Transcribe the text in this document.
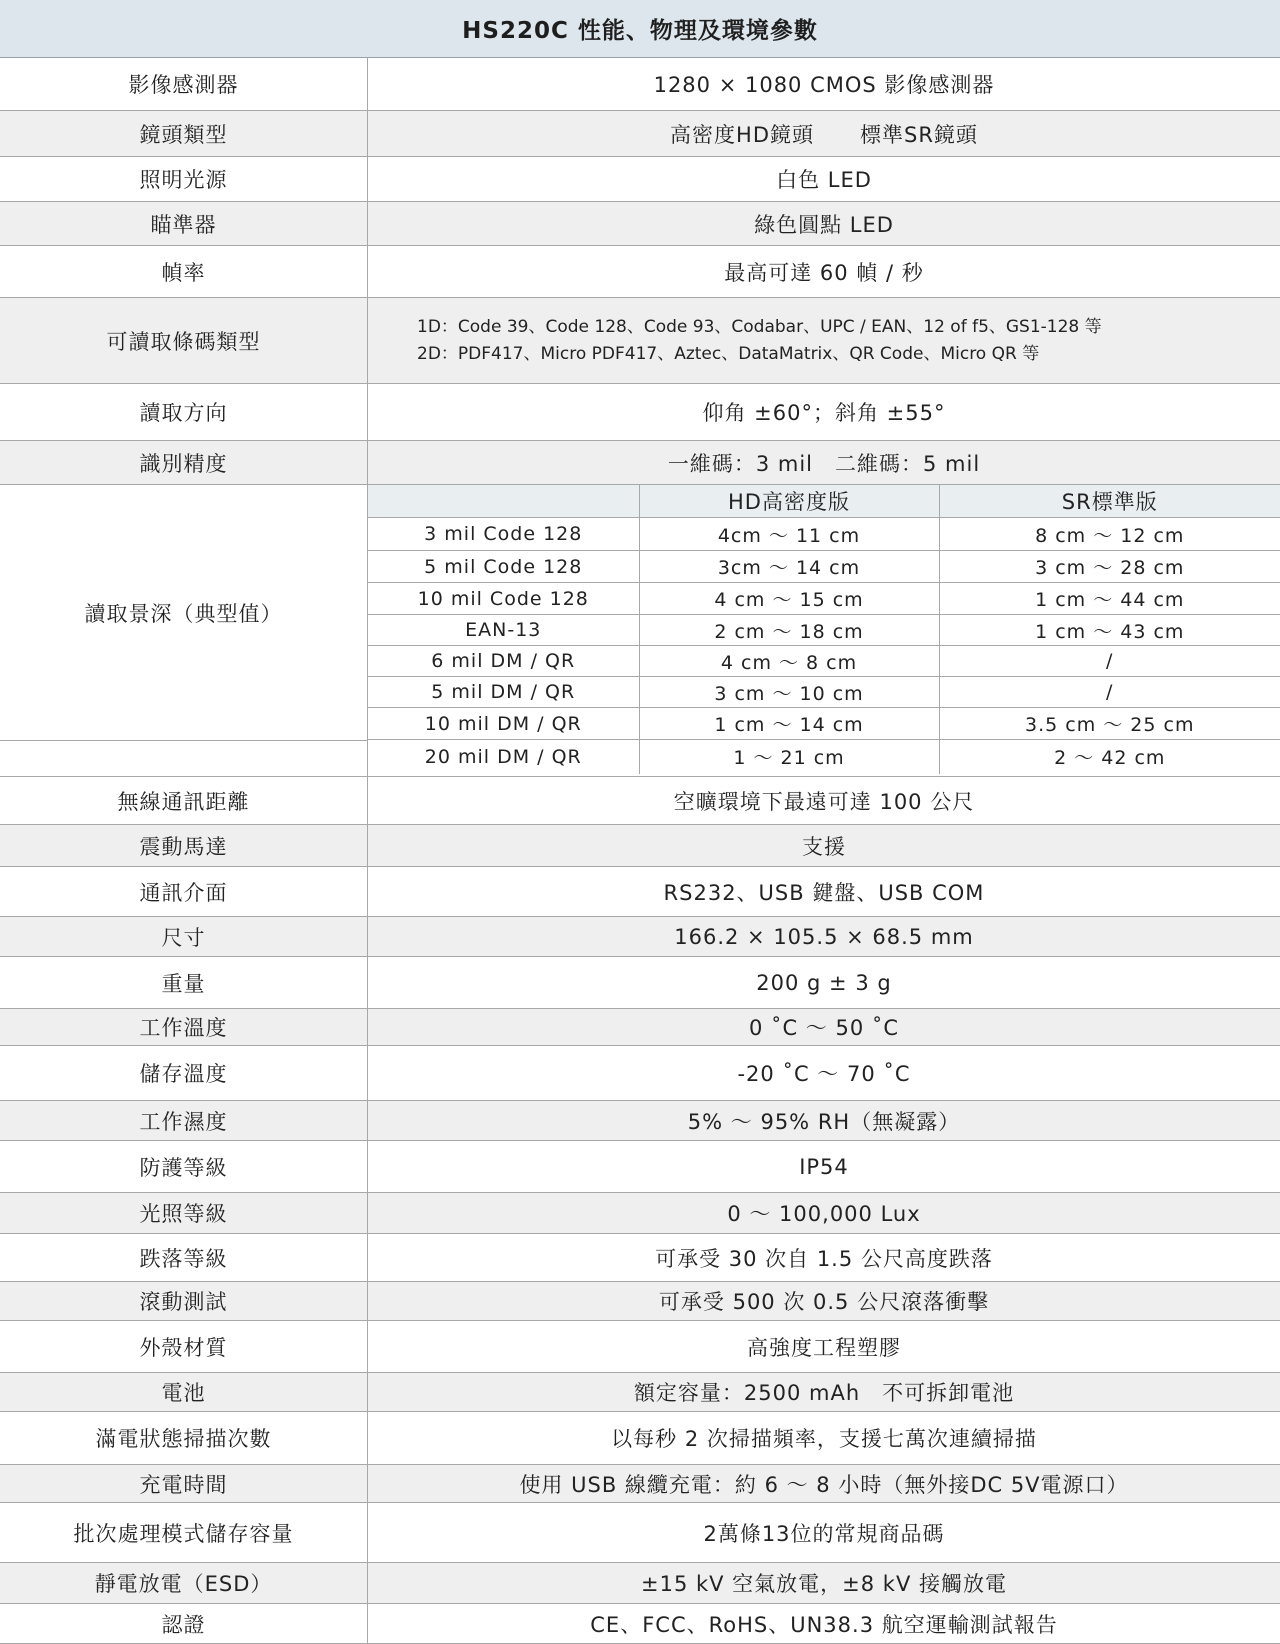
HS220C 性能、物理及環境參數
影像感測器	1280 × 1080 CMOS 影像感測器
鏡頭類型	高密度HD鏡頭 標準SR鏡頭
照明光源	白色 LED
瞄準器	綠色圓點 LED
幀率	最高可達 60 幀 / 秒
可讀取條碼類型
1D：Code 39、Code 128、Code 93、Codabar、UPC / EAN、12 of f5、GS1-128 等
2D：PDF417、Micro PDF417、Aztec、DataMatrix、QR Code、Micro QR 等
讀取方向	仰角 ±60°；斜角 ±55°
識別精度	一維碼：3 mil　二維碼：5 mil
讀取景深（典型值）
	HD高密度版	SR標準版
3 mil Code 128	4cm ～ 11 cm	8 cm ～ 12 cm
5 mil Code 128	3cm ～ 14 cm	3 cm ～ 28 cm
10 mil Code 128	4 cm ～ 15 cm	1 cm ～ 44 cm
EAN-13	2 cm ～ 18 cm	1 cm ～ 43 cm
6 mil DM / QR	4 cm ～ 8 cm	/
5 mil DM / QR	3 cm ～ 10 cm	/
10 mil DM / QR	1 cm ～ 14 cm	3.5 cm ～ 25 cm
20 mil DM / QR	1 ～ 21 cm	2 ～ 42 cm
無線通訊距離	空曠環境下最遠可達 100 公尺
震動馬達	支援
通訊介面	RS232、USB 鍵盤、USB COM
尺寸	166.2 × 105.5 × 68.5 mm
重量	200 g ± 3 g
工作溫度	0 ˚C ～ 50 ˚C
儲存溫度	-20 ˚C ～ 70 ˚C
工作濕度	5% ～ 95% RH（無凝露）
防護等級	IP54
光照等級	0 ～ 100,000 Lux
跌落等級	可承受 30 次自 1.5 公尺高度跌落
滾動測試	可承受 500 次 0.5 公尺滾落衝擊
外殼材質	高強度工程塑膠
電池	額定容量：2500 mAh　不可拆卸電池
滿電狀態掃描次數	以每秒 2 次掃描頻率，支援七萬次連續掃描
充電時間	使用 USB 線纜充電：約 6 ～ 8 小時（無外接DC 5V電源口）
批次處理模式儲存容量	2萬條13位的常規商品碼
靜電放電（ESD）	±15 kV 空氣放電，±8 kV 接觸放電
認證	CE、FCC、RoHS、UN38.3 航空運輸測試報告
